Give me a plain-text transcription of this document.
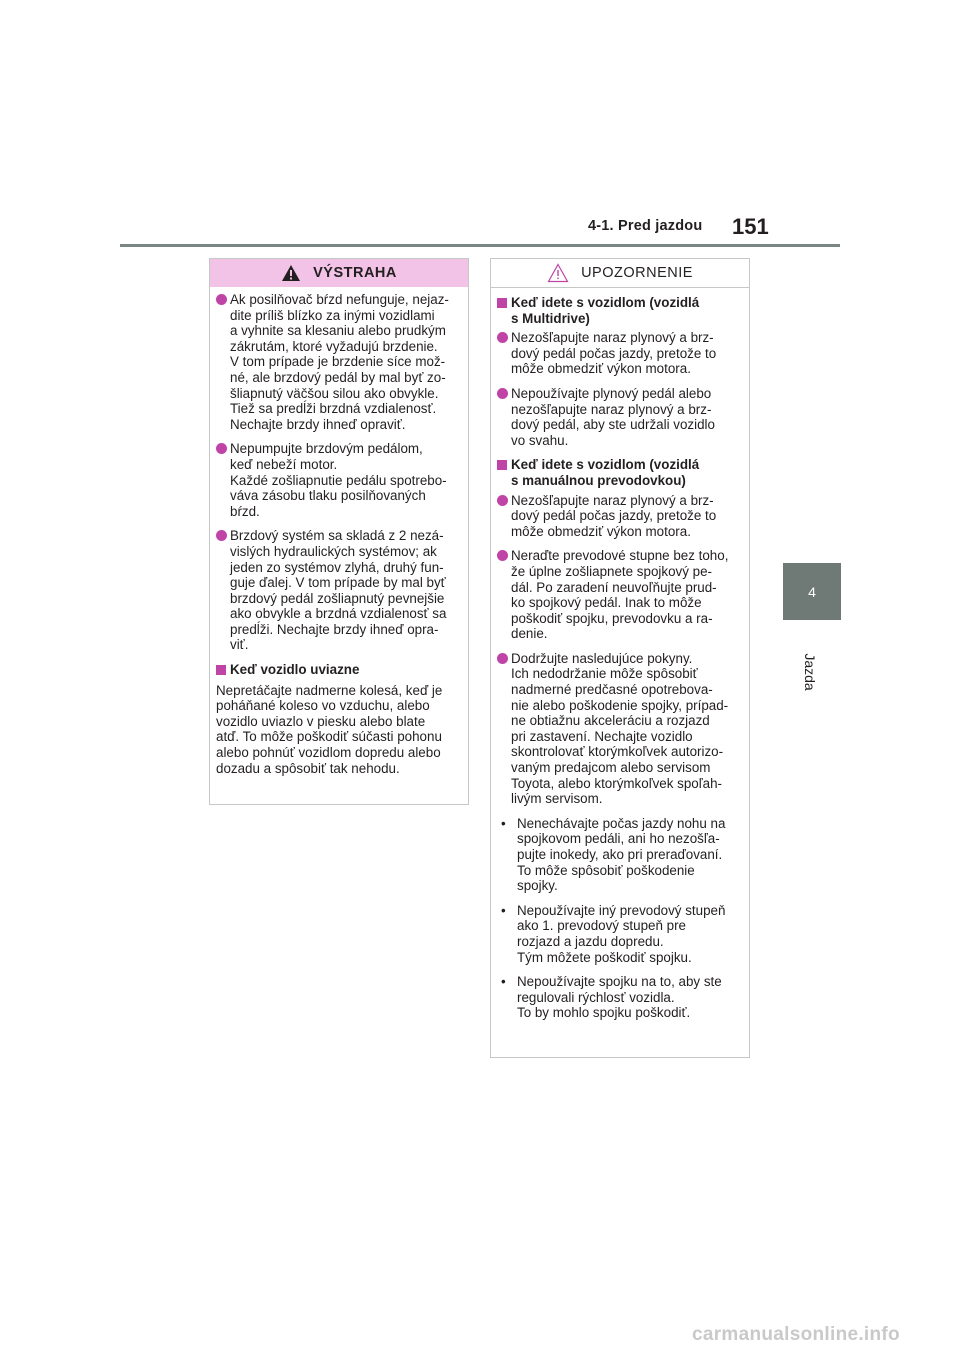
4-1. Pred jazdou 151
4
Jazda
VÝSTRAHA
Ak posilňovač bŕzd nefunguje, nejaz-
dite príliš blízko za inými vozidlami
a vyhnite sa klesaniu alebo prudkým
zákrutám, ktoré vyžadujú brzdenie.
V tom prípade je brzdenie síce mož-
né, ale brzdový pedál by mal byť zo-
šliapnutý väčšou silou ako obvykle.
Tiež sa predĺži brzdná vzdialenosť.
Nechajte brzdy ihneď opraviť.
Nepumpujte brzdovým pedálom,
keď nebeží motor.
Každé zošliapnutie pedálu spotrebo-
váva zásobu tlaku posilňovaných
bŕzd.
Brzdový systém sa skladá z 2 nezá-
vislých hydraulických systémov; ak
jeden zo systémov zlyhá, druhý fun-
guje ďalej. V tom prípade by mal byť
brzdový pedál zošliapnutý pevnejšie
ako obvykle a brzdná vzdialenosť sa
predĺži. Nechajte brzdy ihneď opra-
viť.
Keď vozidlo uviazne
Nepretáčajte nadmerne kolesá, keď je
poháňané koleso vo vzduchu, alebo
vozidlo uviazlo v piesku alebo blate
atď. To môže poškodiť súčasti pohonu
alebo pohnúť vozidlom dopredu alebo
dozadu a spôsobiť tak nehodu.
UPOZORNENIE
Keď idete s vozidlom (vozidlá
s Multidrive)
Nezošľapujte naraz plynový a brz-
dový pedál počas jazdy, pretože to
môže obmedziť výkon motora.
Nepoužívajte plynový pedál alebo
nezošľapujte naraz plynový a brz-
dový pedál, aby ste udržali vozidlo
vo svahu.
Keď idete s vozidlom (vozidlá
s manuálnou prevodovkou)
Nezošľapujte naraz plynový a brz-
dový pedál počas jazdy, pretože to
môže obmedziť výkon motora.
Neraďte prevodové stupne bez toho,
že úplne zošliapnete spojkový pe-
dál. Po zaradení neuvoľňujte prud-
ko spojkový pedál. Inak to môže
poškodiť spojku, prevodovku a ra-
denie.
Dodržujte nasledujúce pokyny.
Ich nedodržanie môže spôsobiť
nadmerné predčasné opotrebova-
nie alebo poškodenie spojky, prípad-
ne obtiažnu akceleráciu a rozjazd
pri zastavení. Nechajte vozidlo
skontrolovať ktorýmkoľvek autorizo-
vaným predajcom alebo servisom
Toyota, alebo ktorýmkoľvek spoľah-
livým servisom.
•
Nenechávajte počas jazdy nohu na
spojkovom pedáli, ani ho nezošľa-
pujte inokedy, ako pri preraďovaní.
To môže spôsobiť poškodenie
spojky.
•
Nepoužívajte iný prevodový stupeň
ako 1. prevodový stupeň pre
rozjazd a jazdu dopredu.
Tým môžete poškodiť spojku.
•
Nepoužívajte spojku na to, aby ste
regulovali rýchlosť vozidla.
To by mohlo spojku poškodiť.
carmanualsonline.info
